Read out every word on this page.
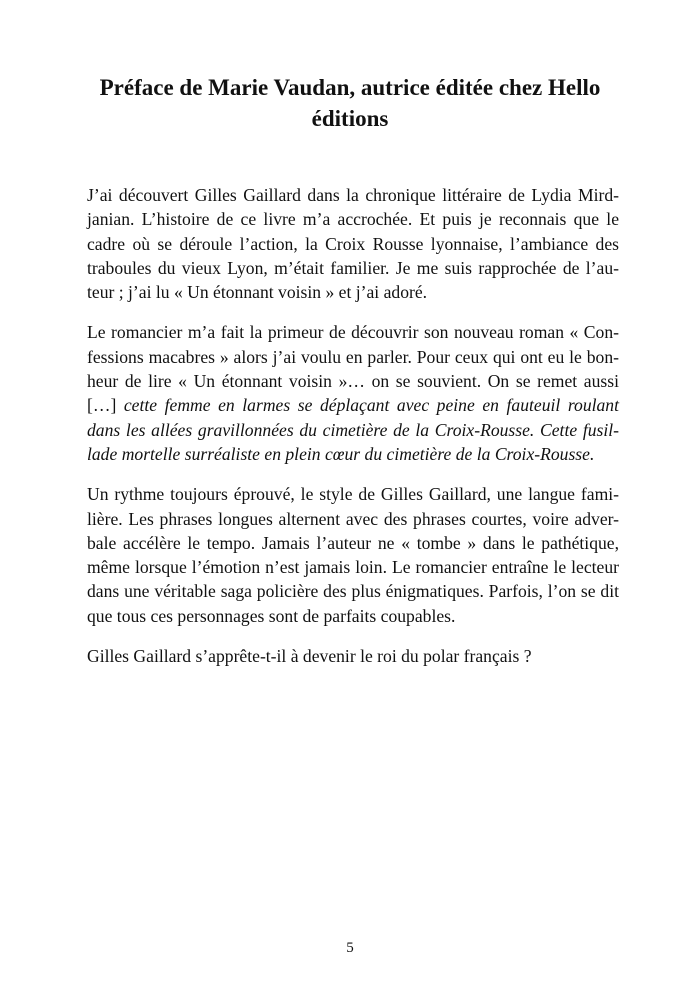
Préface de Marie Vaudan, autrice éditée chez Hello
éditions

J’ai découvert Gilles Gaillard dans la chronique littéraire de Lydia Mird-
janian. L’histoire de ce livre m’a accrochée. Et puis je reconnais que le
cadre où se déroule l’action, la Croix Rousse lyonnaise, l’ambiance des
traboules du vieux Lyon, m’était familier. Je me suis rapprochée de l’au-
teur ; j’ai lu « Un étonnant voisin » et j’ai adoré.

Le romancier m’a fait la primeur de découvrir son nouveau roman « Con-
fessions macabres » alors j’ai voulu en parler. Pour ceux qui ont eu le bon-
heur de lire « Un étonnant voisin »… on se souvient. On se remet aussi
[…] cette femme en larmes se déplaçant avec peine en fauteuil roulant
dans les allées gravillonnées du cimetière de la Croix-Rousse. Cette fusil-
lade mortelle surréaliste en plein cœur du cimetière de la Croix-Rousse.

Un rythme toujours éprouvé, le style de Gilles Gaillard, une langue fami-
lière. Les phrases longues alternent avec des phrases courtes, voire adver-
bale accélère le tempo. Jamais l’auteur ne « tombe » dans le pathétique,
même lorsque l’émotion n’est jamais loin. Le romancier entraîne le lecteur
dans une véritable saga policière des plus énigmatiques. Parfois, l’on se dit
que tous ces personnages sont de parfaits coupables.

Gilles Gaillard s’apprête-t-il à devenir le roi du polar français ?

5
